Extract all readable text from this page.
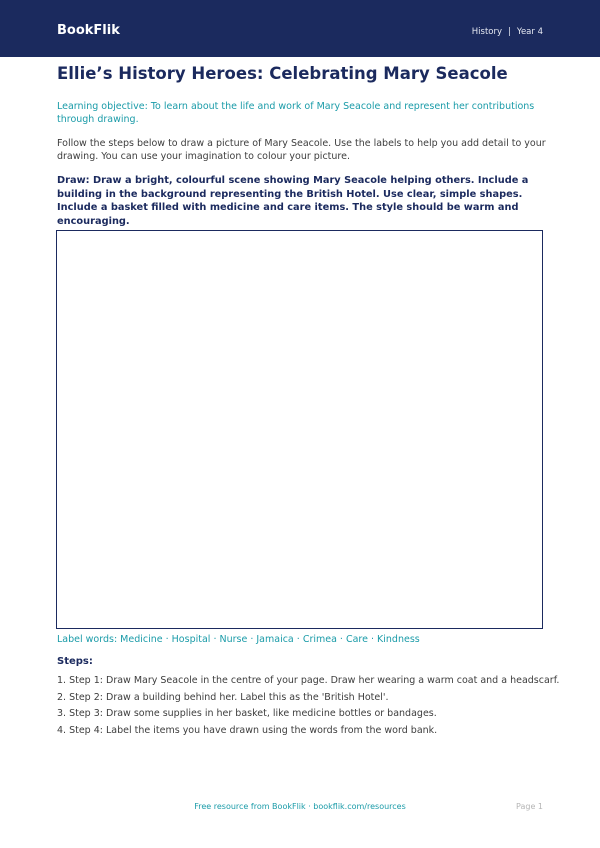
BookFlik	History | Year 4
Ellie’s History Heroes: Celebrating Mary Seacole
Learning objective: To learn about the life and work of Mary Seacole and represent her contributions through drawing.
Follow the steps below to draw a picture of Mary Seacole. Use the labels to help you add detail to your drawing. You can use your imagination to colour your picture.
Draw: Draw a bright, colourful scene showing Mary Seacole helping others. Include a building in the background representing the British Hotel. Use clear, simple shapes. Include a basket filled with medicine and care items. The style should be warm and encouraging.
Label words: Medicine · Hospital · Nurse · Jamaica · Crimea · Care · Kindness
Steps:
1. Step 1: Draw Mary Seacole in the centre of your page. Draw her wearing a warm coat and a headscarf.
2. Step 2: Draw a building behind her. Label this as the 'British Hotel'.
3. Step 3: Draw some supplies in her basket, like medicine bottles or bandages.
4. Step 4: Label the items you have drawn using the words from the word bank.
Free resource from BookFlik · bookflik.com/resources	Page 1
